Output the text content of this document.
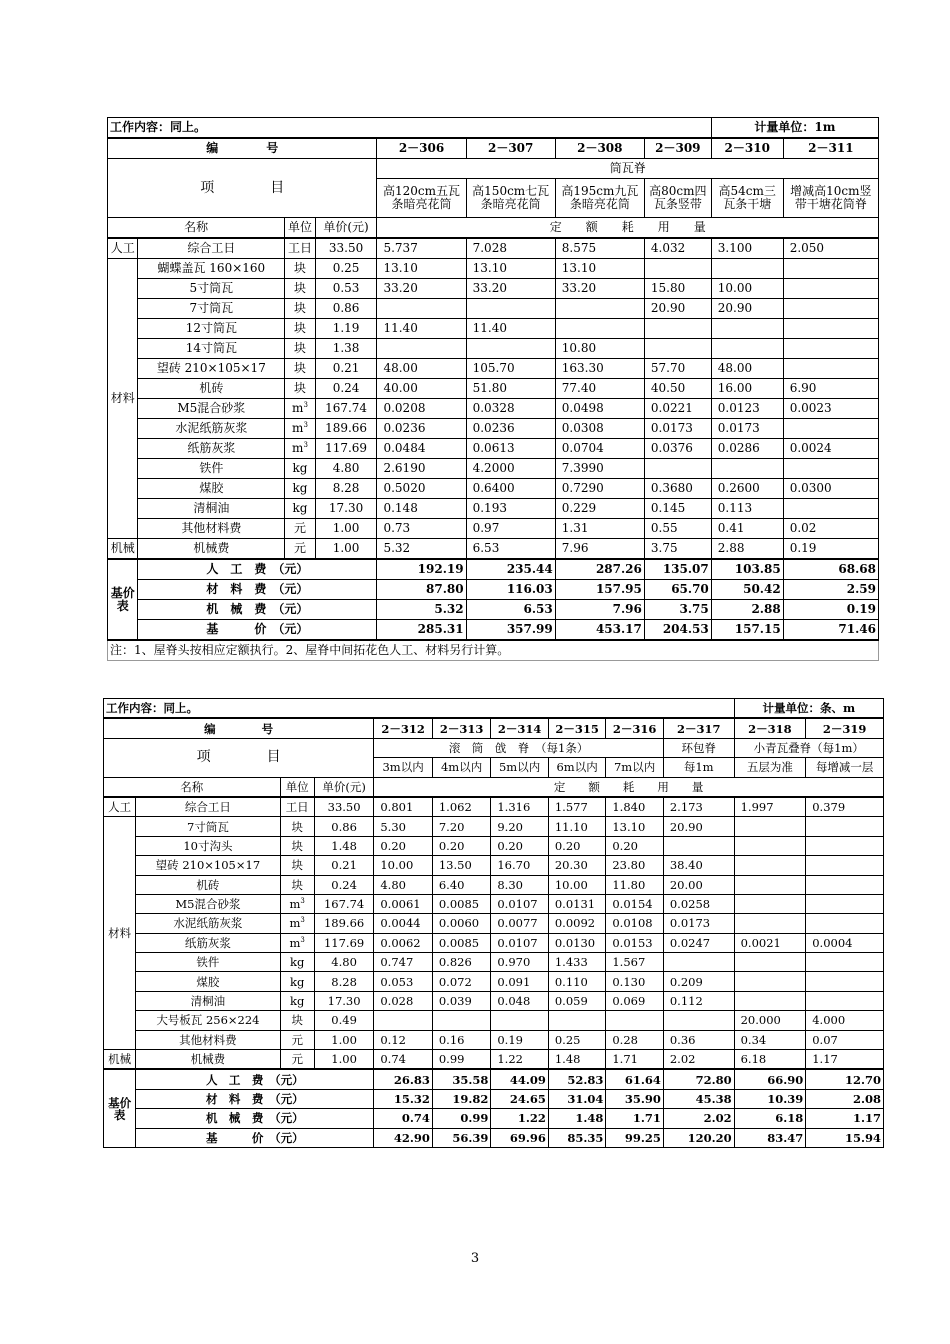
工作内容：同上。								计量单位：1m	
编　　　　号				2－306	2－307	2－308	2－309	2－310	2－311
项　　　　目				筒瓦脊					
				高120cm五瓦条暗亮花筒	高150cm七瓦条暗亮花筒	高195cm九瓦条暗亮花筒	高80cm四瓦条竖带	高54cm三瓦条干塘	增减高10cm竖带干塘花筒脊
名称		单位	单价(元)	定　　额　　耗　　用　　量					
人工	综合工日	工日	33.50	5.737	7.028	8.575	4.032	3.100	2.050
材料	蝴蝶盖瓦 160×160	块	0.25	13.10	13.10	13.10			
	5寸筒瓦	块	0.53	33.20	33.20	33.20	15.80	10.00	
	7寸筒瓦	块	0.86				20.90	20.90	
	12寸筒瓦	块	1.19	11.40	11.40				
	14寸筒瓦	块	1.38			10.80			
	望砖 210×105×17	块	0.21	48.00	105.70	163.30	57.70	48.00	
	机砖	块	0.24	40.00	51.80	77.40	40.50	16.00	6.90
	M5混合砂浆	$m^3$	167.74	0.0208	0.0328	0.0498	0.0221	0.0123	0.0023
	水泥纸筋灰浆	$m^3$	189.66	0.0236	0.0236	0.0308	0.0173	0.0173	
	纸筋灰浆	$m^3$	117.69	0.0484	0.0613	0.0704	0.0376	0.0286	0.0024
	铁件	kg	4.80	2.6190	4.2000	7.3990			
	煤胶	kg	8.28	0.5020	0.6400	0.7290	0.3680	0.2600	0.0300
	清桐油	kg	17.30	0.148	0.193	0.229	0.145	0.113	
	其他材料费	元	1.00	0.73	0.97	1.31	0.55	0.41	0.02
机械	机械费	元	1.00	5.32	6.53	7.96	3.75	2.88	0.19
基价表	人　工　费　（元）			192.19	235.44	287.26	135.07	103.85	68.68
	材　料　费　（元）			87.80	116.03	157.95	65.70	50.42	2.59
	机　械　费　（元）			5.32	6.53	7.96	3.75	2.88	0.19
	基　　　价　（元）			285.31	357.99	453.17	204.53	157.15	71.46
注：1、屋脊头按相应定额执行。2、屋脊中间拓花色人工、材料另行计算。									
工作内容：同上。										计量单位：条、m	
编　　　　号				2－312	2－313	2－314	2－315	2－316	2－317	2－318	2－319
项　　　　目				滚　筒　戗　脊　（每1条）					环包脊	小青瓦叠脊（每1m）	
				3m以内	4m以内	5m以内	6m以内	7m以内	每1m	五层为准	每增减一层
名称		单位	单价(元)	定　　额　　耗　　用　　量							
人工	综合工日	工日	33.50	0.801	1.062	1.316	1.577	1.840	2.173	1.997	0.379
材料	7寸筒瓦	块	0.86	5.30	7.20	9.20	11.10	13.10	20.90		
	10寸沟头	块	1.48	0.20	0.20	0.20	0.20	0.20			
	望砖 210×105×17	块	0.21	10.00	13.50	16.70	20.30	23.80	38.40		
	机砖	块	0.24	4.80	6.40	8.30	10.00	11.80	20.00		
	M5混合砂浆	$m^3$	167.74	0.0061	0.0085	0.0107	0.0131	0.0154	0.0258		
	水泥纸筋灰浆	$m^3$	189.66	0.0044	0.0060	0.0077	0.0092	0.0108	0.0173		
	纸筋灰浆	$m^3$	117.69	0.0062	0.0085	0.0107	0.0130	0.0153	0.0247	0.0021	0.0004
	铁件	kg	4.80	0.747	0.826	0.970	1.433	1.567			
	煤胶	kg	8.28	0.053	0.072	0.091	0.110	0.130	0.209		
	清桐油	kg	17.30	0.028	0.039	0.048	0.059	0.069	0.112		
	大号板瓦 256×224	块	0.49							20.000	4.000
	其他材料费	元	1.00	0.12	0.16	0.19	0.25	0.28	0.36	0.34	0.07
机械	机械费	元	1.00	0.74	0.99	1.22	1.48	1.71	2.02	6.18	1.17
基价表	人　工　费　（元）			26.83	35.58	44.09	52.83	61.64	72.80	66.90	12.70
	材　料　费　（元）			15.32	19.82	24.65	31.04	35.90	45.38	10.39	2.08
	机　械　费　（元）			0.74	0.99	1.22	1.48	1.71	2.02	6.18	1.17
	基　　　价　（元）			42.90	56.39	69.96	85.35	99.25	120.20	83.47	15.94
3
